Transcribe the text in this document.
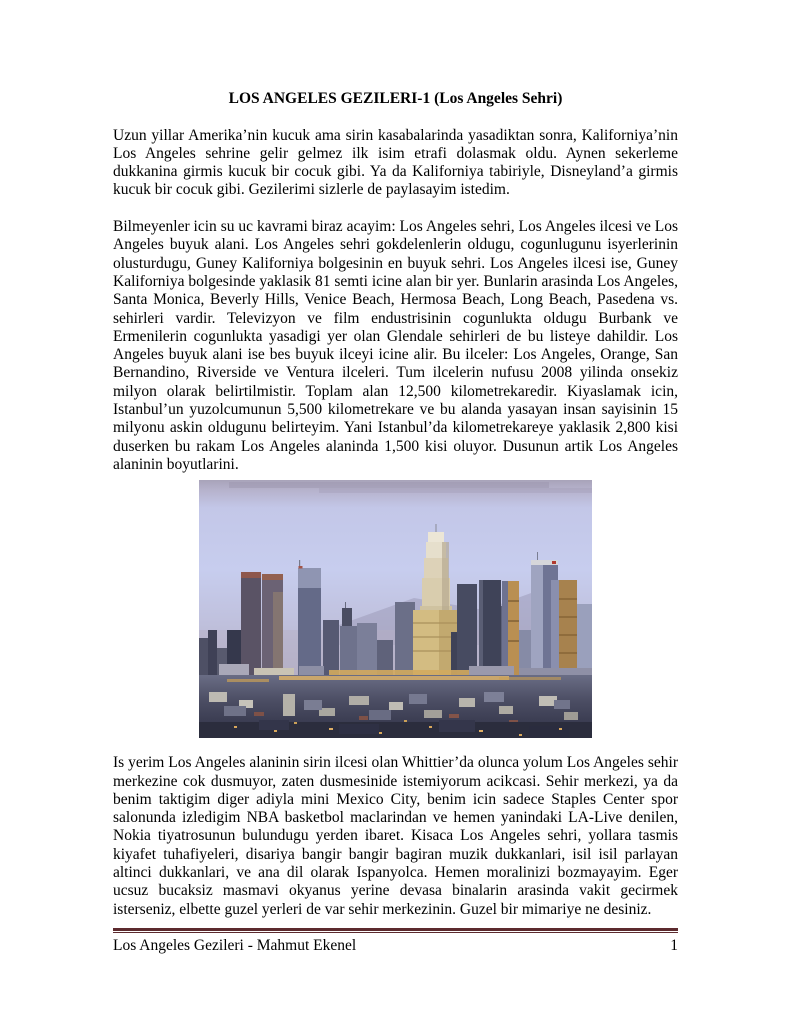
LOS ANGELES GEZILERI-1 (Los Angeles Sehri)

Uzun yillar Amerika’nin kucuk ama sirin kasabalarinda yasadiktan sonra, Kaliforniya’nin Los Angeles sehrine gelir gelmez ilk isim etrafi dolasmak oldu. Aynen sekerleme dukkanina girmis kucuk bir cocuk gibi. Ya da Kaliforniya tabiriyle, Disneyland’a girmis kucuk bir cocuk gibi. Gezilerimi sizlerle de paylasayim istedim.

Bilmeyenler icin su uc kavrami biraz acayim: Los Angeles sehri, Los Angeles ilcesi ve Los Angeles buyuk alani. Los Angeles sehri gokdelenlerin oldugu, cogunlugunu isyerlerinin olusturdugu, Guney Kaliforniya bolgesinin en buyuk sehri. Los Angeles ilcesi ise, Guney Kaliforniya bolgesinde yaklasik 81 semti icine alan bir yer. Bunlarin arasinda Los Angeles, Santa Monica, Beverly Hills, Venice Beach, Hermosa Beach, Long Beach, Pasedena vs. sehirleri vardir. Televizyon ve film endustrisinin cogunlukta oldugu Burbank ve Ermenilerin cogunlukta yasadigi yer olan Glendale sehirleri de bu listeye dahildir. Los Angeles buyuk alani ise bes buyuk ilceyi icine alir. Bu ilceler: Los Angeles, Orange, San Bernandino, Riverside ve Ventura ilceleri. Tum ilcelerin nufusu 2008 yilinda onsekiz milyon olarak belirtilmistir. Toplam alan 12,500 kilometrekaredir. Kiyaslamak icin, Istanbul’un yuzolcumunun 5,500 kilometrekare ve bu alanda yasayan insan sayisinin 15 milyonu askin oldugunu belirteyim. Yani Istanbul’da kilometrekareye yaklasik 2,800 kisi duserken bu rakam Los Angeles alaninda 1,500 kisi oluyor. Dusunun artik Los Angeles alaninin boyutlarini.

Is yerim Los Angeles alaninin sirin ilcesi olan Whittier’da olunca yolum Los Angeles sehir merkezine cok dusmuyor, zaten dusmesinide istemiyorum acikcasi. Sehir merkezi, ya da benim taktigim diger adiyla mini Mexico City, benim icin sadece Staples Center spor salonunda izledigim NBA basketbol maclarindan ve hemen yanindaki LA-Live denilen, Nokia tiyatrosunun bulundugu yerden ibaret. Kisaca Los Angeles sehri, yollara tasmis kiyafet tuhafiyeleri, disariya bangir bangir bagiran muzik dukkanlari, isil isil parlayan altinci dukkanlari, ve ana dil olarak Ispanyolca. Hemen moralinizi bozmayayim. Eger ucsuz bucaksiz masmavi okyanus yerine devasa binalarin arasinda vakit gecirmek isterseniz, elbette guzel yerleri de var sehir merkezinin. Guzel bir mimariye ne desiniz.

Los Angeles Gezileri - Mahmut Ekenel	1
